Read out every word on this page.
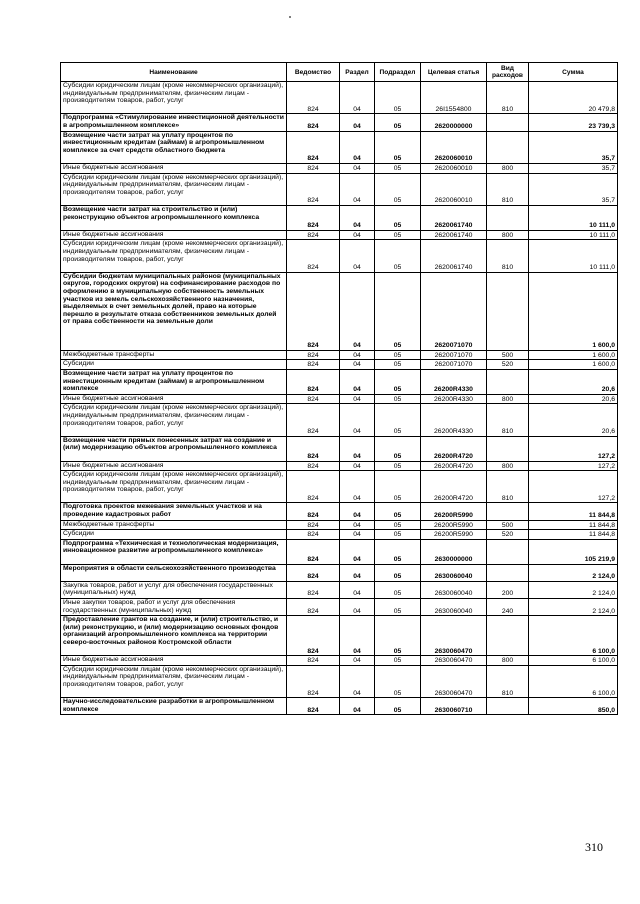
Наименование	Ведомство	Раздел	Подраздел	Целевая статья	Вид расходов	Сумма
Субсидии юридическим лицам (кроме некоммерческих организаций), индивидуальным предпринимателям, физическим лицам - производителям товаров, работ, услуг	824	04	05	26I1554800	810	20 479,8
Подпрограмма «Стимулирование инвестиционной деятельности в агропромышленном комплексе»	824	04	05	2620000000		23 739,3
Возмещение части затрат на уплату процентов по инвестиционным кредитам (займам) в агропромышленном комплексе за счет средств областного бюджета	824	04	05	2620060010		35,7
Иные бюджетные ассигнования	824	04	05	2620060010	800	35,7
Субсидии юридическим лицам (кроме некоммерческих организаций), индивидуальным предпринимателям, физическим лицам - производителям товаров, работ, услуг	824	04	05	2620060010	810	35,7
Возмещение части затрат на строительство и (или) реконструкцию объектов агропромышленного комплекса	824	04	05	2620061740		10 111,0
Иные бюджетные ассигнования	824	04	05	2620061740	800	10 111,0
Субсидии юридическим лицам (кроме некоммерческих организаций), индивидуальным предпринимателям, физическим лицам - производителям товаров, работ, услуг	824	04	05	2620061740	810	10 111,0
Субсидии бюджетам муниципальных районов (муниципальных округов, городских округов) на софинансирование расходов по оформлению в муниципальную собственность земельных участков из земель сельскохозяйственного назначения, выделяемых в счет земельных долей, право на которые перешло в результате отказа собственников земельных долей от права собственности на земельные доли	824	04	05	2620071070		1 600,0
Межбюджетные трансферты	824	04	05	2620071070	500	1 600,0
Субсидии	824	04	05	2620071070	520	1 600,0
Возмещение части затрат на уплату процентов по инвестиционным кредитам (займам) в агропромышленном комплексе	824	04	05	26200R4330		20,6
Иные бюджетные ассигнования	824	04	05	26200R4330	800	20,6
Субсидии юридическим лицам (кроме некоммерческих организаций), индивидуальным предпринимателям, физическим лицам - производителям товаров, работ, услуг	824	04	05	26200R4330	810	20,6
Возмещение части прямых понесенных затрат на создание и (или) модернизацию объектов агропромышленного комплекса	824	04	05	26200R4720		127,2
Иные бюджетные ассигнования	824	04	05	26200R4720	800	127,2
Субсидии юридическим лицам (кроме некоммерческих организаций), индивидуальным предпринимателям, физическим лицам - производителям товаров, работ, услуг	824	04	05	26200R4720	810	127,2
Подготовка проектов межевания земельных участков и на проведение кадастровых работ	824	04	05	26200R5990		11 844,8
Межбюджетные трансферты	824	04	05	26200R5990	500	11 844,8
Субсидии	824	04	05	26200R5990	520	11 844,8
Подпрограмма «Техническая и технологическая модернизация, инновационное развитие агропромышленного комплекса»	824	04	05	2630000000		105 219,9
Мероприятия в области сельскохозяйственного производства	824	04	05	2630060040		2 124,0
Закупка товаров, работ и услуг для обеспечения государственных (муниципальных) нужд	824	04	05	2630060040	200	2 124,0
Иные закупки товаров, работ и услуг для обеспечения государственных (муниципальных) нужд	824	04	05	2630060040	240	2 124,0
Предоставление грантов на создание, и (или) строительство, и (или) реконструкцию, и (или) модернизацию основных фондов организаций агропромышленного комплекса на территории северо-восточных районов Костромской области	824	04	05	2630060470		6 100,0
Иные бюджетные ассигнования	824	04	05	2630060470	800	6 100,0
Субсидии юридическим лицам (кроме некоммерческих организаций), индивидуальным предпринимателям, физическим лицам - производителям товаров, работ, услуг	824	04	05	2630060470	810	6 100,0
Научно-исследовательские разработки в агропромышленном комплексе	824	04	05	2630060710		850,0
310
